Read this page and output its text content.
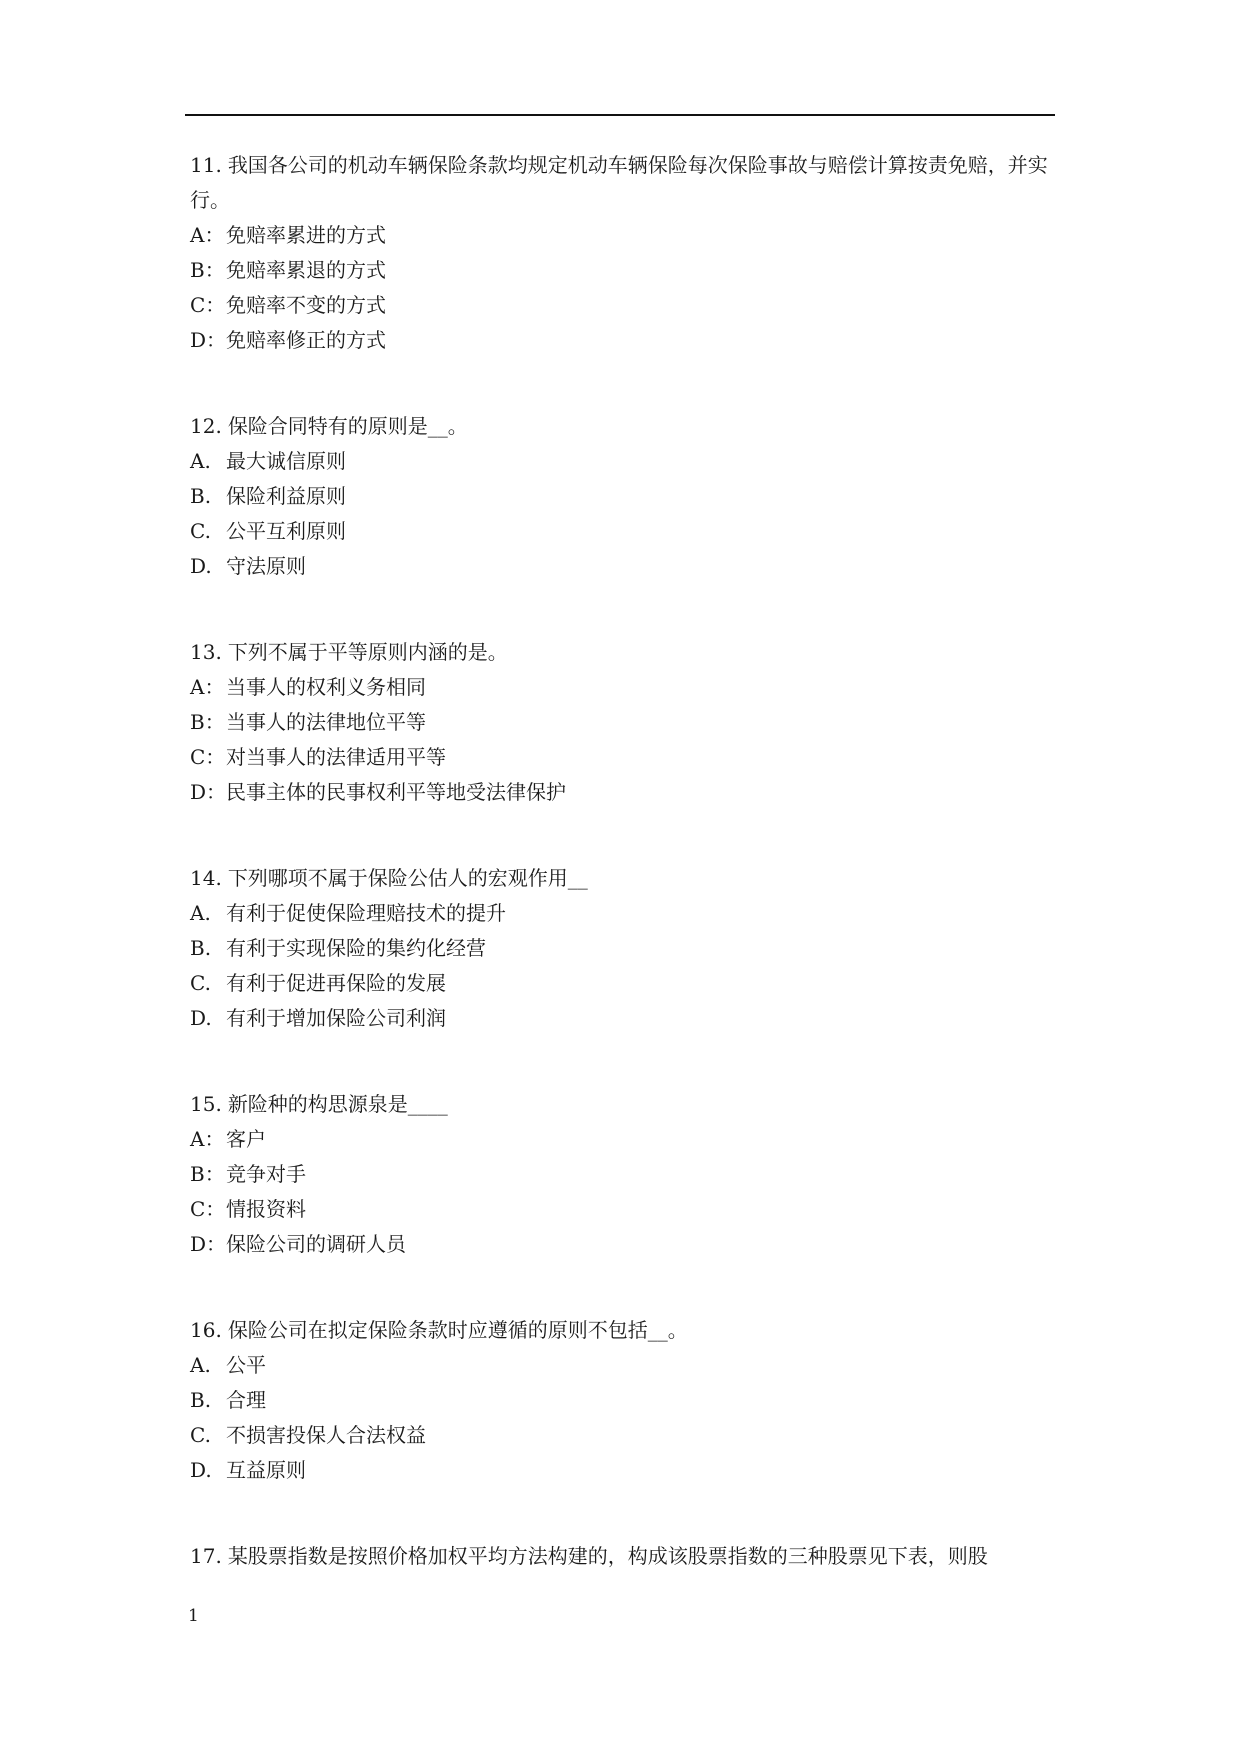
11. 我国各公司的机动车辆保险条款均规定机动车辆保险每次保险事故与赔偿计算按责免赔，并实行。

A：免赔率累进的方式

B：免赔率累退的方式

C：免赔率不变的方式

D：免赔率修正的方式

12. 保险合同特有的原则是__。

A. 最大诚信原则

B. 保险利益原则

C. 公平互利原则

D. 守法原则

13. 下列不属于平等原则内涵的是。

A：当事人的权利义务相同

B：当事人的法律地位平等

C：对当事人的法律适用平等

D：民事主体的民事权利平等地受法律保护

14. 下列哪项不属于保险公估人的宏观作用__

A. 有利于促使保险理赔技术的提升

B. 有利于实现保险的集约化经营

C. 有利于促进再保险的发展

D. 有利于增加保险公司利润

15. 新险种的构思源泉是____

A：客户

B：竞争对手

C：情报资料

D：保险公司的调研人员

16. 保险公司在拟定保险条款时应遵循的原则不包括__。

A. 公平

B. 合理

C. 不损害投保人合法权益

D. 互益原则

17. 某股票指数是按照价格加权平均方法构建的，构成该股票指数的三种股票见下表，则股

1
